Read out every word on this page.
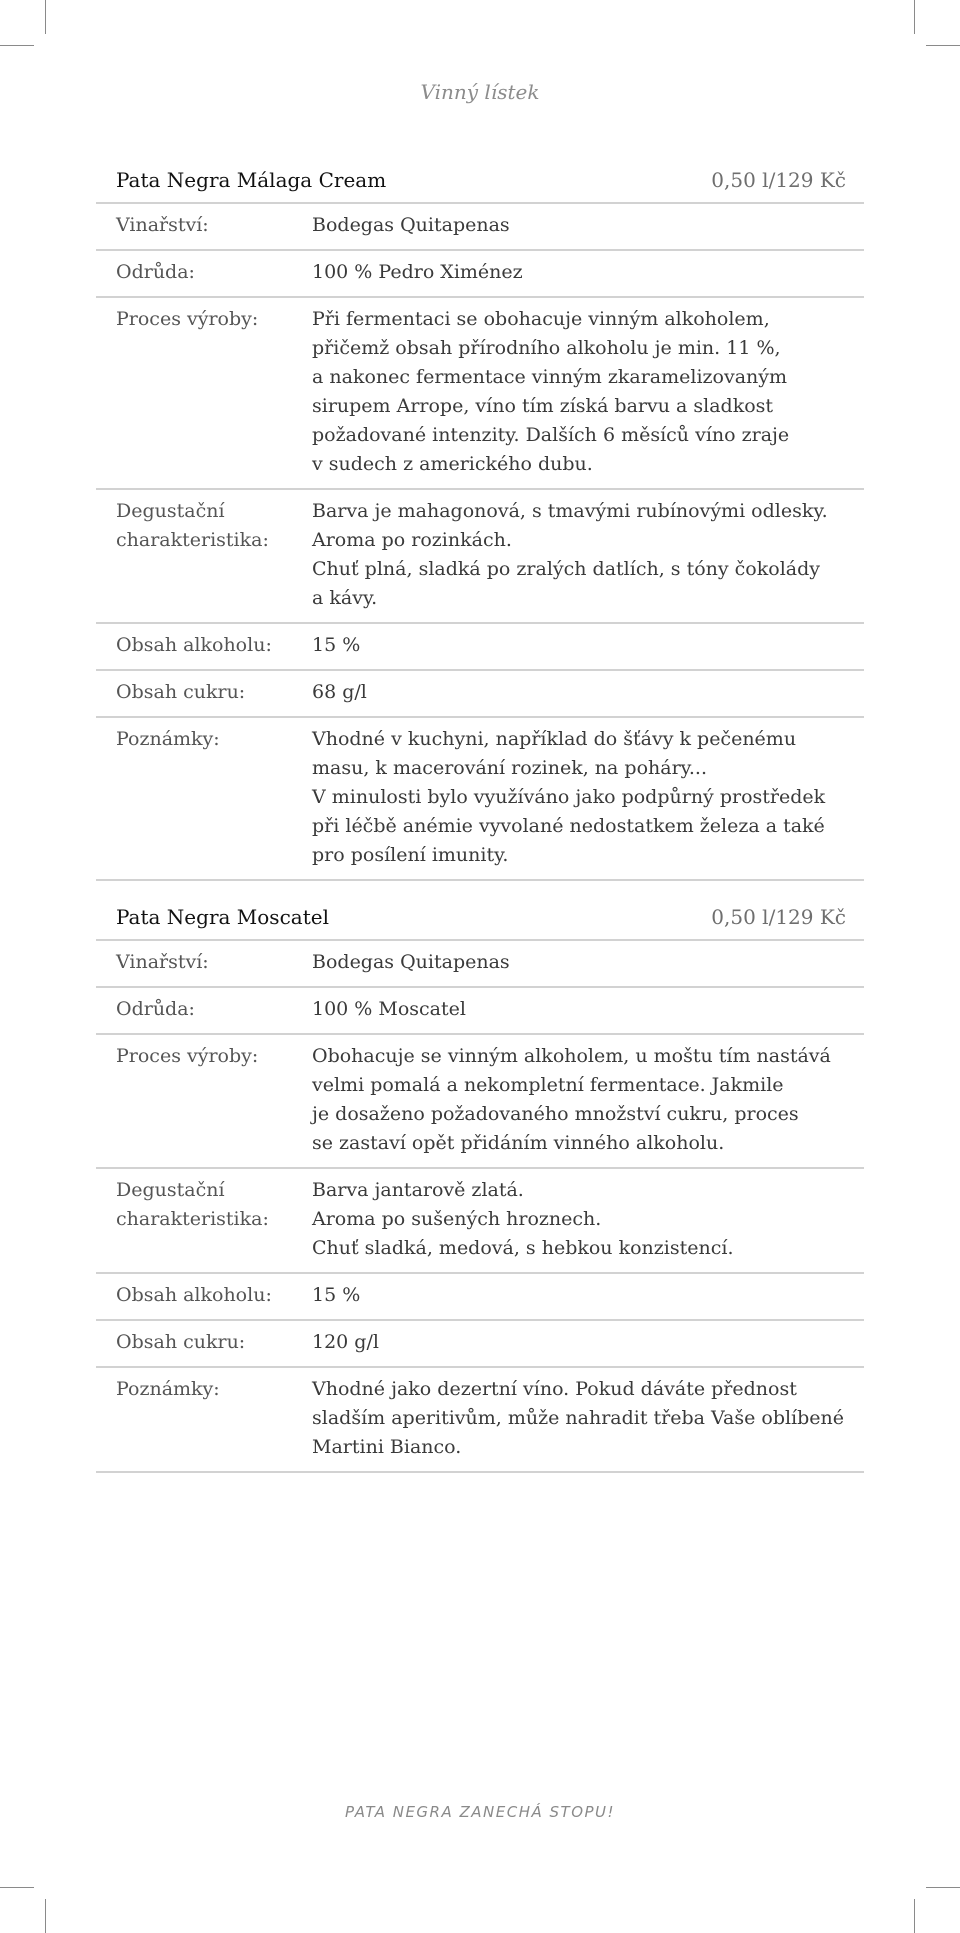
Vinný lístek
Pata Negra Málaga Cream	0,50 l/129 Kč
Vinařství:	Bodegas Quitapenas
Odrůda:	100 % Pedro Ximénez
Proces výroby:	Při fermentaci se obohacuje vinným alkoholem,
přičemž obsah přírodního alkoholu je min. 11 %,
a nakonec fermentace vinným zkaramelizovaným
sirupem Arrope, víno tím získá barvu a sladkost
požadované intenzity. Dalších 6 měsíců víno zraje
v sudech z amerického dubu.
Degustační
charakteristika:
Barva je mahagonová, s tmavými rubínovými odlesky.
Aroma po rozinkách.
Chuť plná, sladká po zralých datlích, s tóny čokolády
a kávy.
Obsah alkoholu:	15 %
Obsah cukru:	68 g/l
Poznámky:	Vhodné v kuchyni, například do šťávy k pečenému
masu, k macerování rozinek, na poháry...
V minulosti bylo využíváno jako podpůrný prostředek
při léčbě anémie vyvolané nedostatkem železa a také
pro posílení imunity.
Pata Negra Moscatel	0,50 l/129 Kč
Vinařství:	Bodegas Quitapenas
Odrůda:	100 % Moscatel
Proces výroby:	Obohacuje se vinným alkoholem, u moštu tím nastává
velmi pomalá a nekompletní fermentace. Jakmile
je dosaženo požadovaného množství cukru, proces
se zastaví opět přidáním vinného alkoholu.
Degustační
charakteristika:
Barva jantarově zlatá.
Aroma po sušených hroznech.
Chuť sladká, medová, s hebkou konzistencí.
Obsah alkoholu:	15 %
Obsah cukru:	120 g/l
Poznámky:	Vhodné jako dezertní víno. Pokud dáváte přednost
sladším aperitivům, může nahradit třeba Vaše oblíbené
Martini Bianco.
PATA NEGRA ZANECHÁ STOPU!
